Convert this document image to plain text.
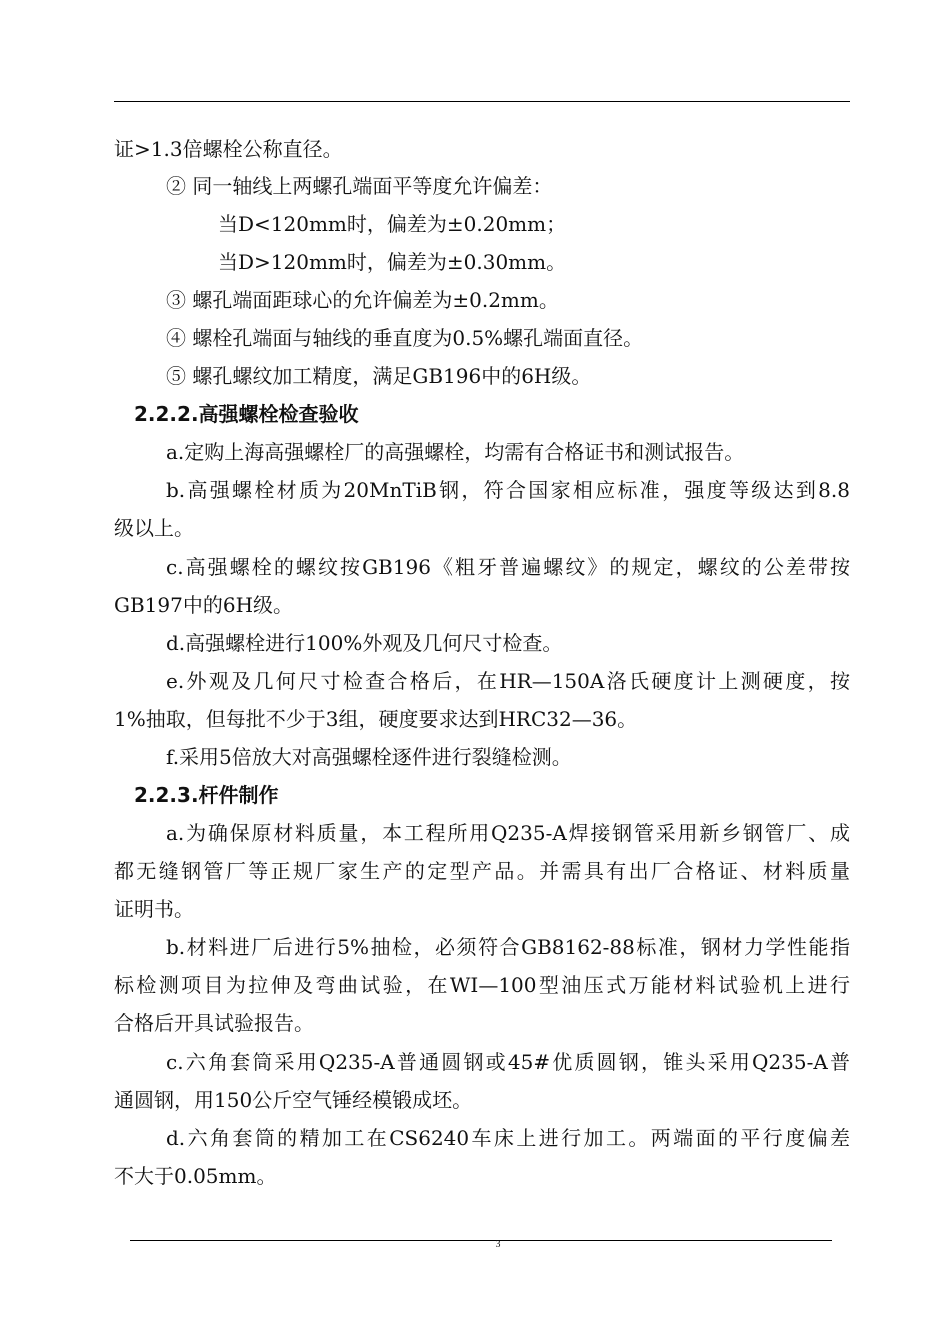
证>1.3倍螺栓公称直径。
② 同一轴线上两螺孔端面平等度允许偏差：
当D<120mm时，偏差为±0.20mm；
当D>120mm时，偏差为±0.30mm。
③ 螺孔端面距球心的允许偏差为±0.2mm。
④ 螺栓孔端面与轴线的垂直度为0.5%螺孔端面直径。
⑤ 螺孔螺纹加工精度，满足GB196中的6H级。
2.2.2.高强螺栓检查验收
a.定购上海高强螺栓厂的高强螺栓，均需有合格证书和测试报告。
b.高强螺栓材质为20MnTiB钢，符合国家相应标准，强度等级达到8.8
级以上。
c.高强螺栓的螺纹按GB196《粗牙普遍螺纹》的规定，螺纹的公差带按
GB197中的6H级。
d.高强螺栓进行100%外观及几何尺寸检查。
e.外观及几何尺寸检查合格后，在HR—150A洛氏硬度计上测硬度，按
1%抽取，但每批不少于3组，硬度要求达到HRC32—36。
f.采用5倍放大对高强螺栓逐件进行裂缝检测。
2.2.3.杆件制作
a.为确保原材料质量，本工程所用Q235-A焊接钢管采用新乡钢管厂、成
都无缝钢管厂等正规厂家生产的定型产品。并需具有出厂合格证、材料质量
证明书。
b.材料进厂后进行5%抽检，必须符合GB8162-88标准，钢材力学性能指
标检测项目为拉伸及弯曲试验，在WI—100型油压式万能材料试验机上进行
合格后开具试验报告。
c.六角套筒采用Q235-A普通圆钢或45#优质圆钢，锥头采用Q235-A普
通圆钢，用150公斤空气锤经模锻成坯。
d.六角套筒的精加工在CS6240车床上进行加工。两端面的平行度偏差
不大于0.05mm。
3
